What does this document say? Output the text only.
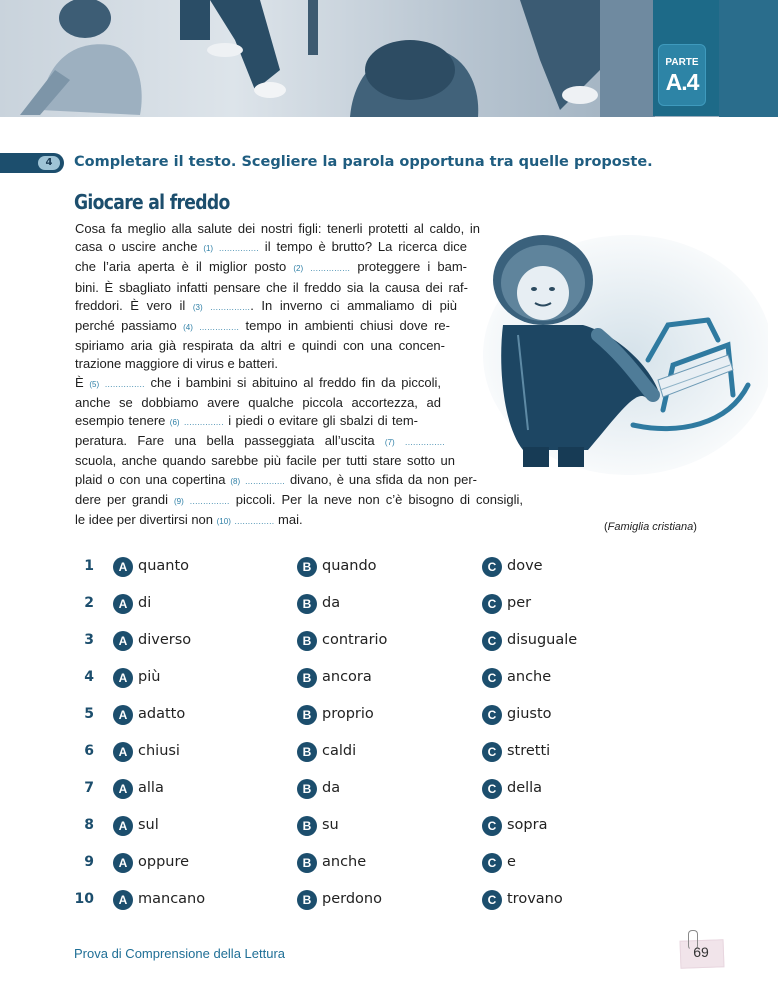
PARTE
A.4
4	Completare il testo. Scegliere la parola opportuna tra quelle proposte.
Giocare al freddo
Cosa fa meglio alla salute dei nostri figli: tenerli protetti al caldo, in
casa o uscire anche (1) ............... il tempo è brutto? La ricerca dice
che l’aria aperta è il miglior posto (2) ............... proteggere i bam-
bini. È sbagliato infatti pensare che il freddo sia la causa dei raf-
freddori. È vero il (3) ................ In inverno ci ammaliamo di più
perché passiamo (4) ............... tempo in ambienti chiusi dove re-
spiriamo aria già respirata da altri e quindi con una concen-
trazione maggiore di virus e batteri.
È (5) ............... che i bambini si abituino al freddo fin da piccoli,
anche se dobbiamo avere qualche piccola accortezza, ad
esempio tenere (6) ............... i piedi o evitare gli sbalzi di tem-
peratura. Fare una bella passeggiata all’uscita (7) ...............
scuola, anche quando sarebbe più facile per tutti stare sotto un
plaid o con una copertina (8) ............... divano, è una sfida da non per-
dere per grandi (9) ............... piccoli. Per la neve non c’è bisogno di consigli,
le idee per divertirsi non (10) ............... mai.	(Famiglia cristiana)
1	A quanto	B quando	C dove
2	A di	B da	C per
3	A diverso	B contrario	C disuguale
4	A più	B ancora	C anche
5	A adatto	B proprio	C giusto
6	A chiusi	B caldi	C stretti
7	A alla	B da	C della
8	A sul	B su	C sopra
9	A oppure	B anche	C e
10	A mancano	B perdono	C trovano
Prova di Comprensione della Lettura	69
